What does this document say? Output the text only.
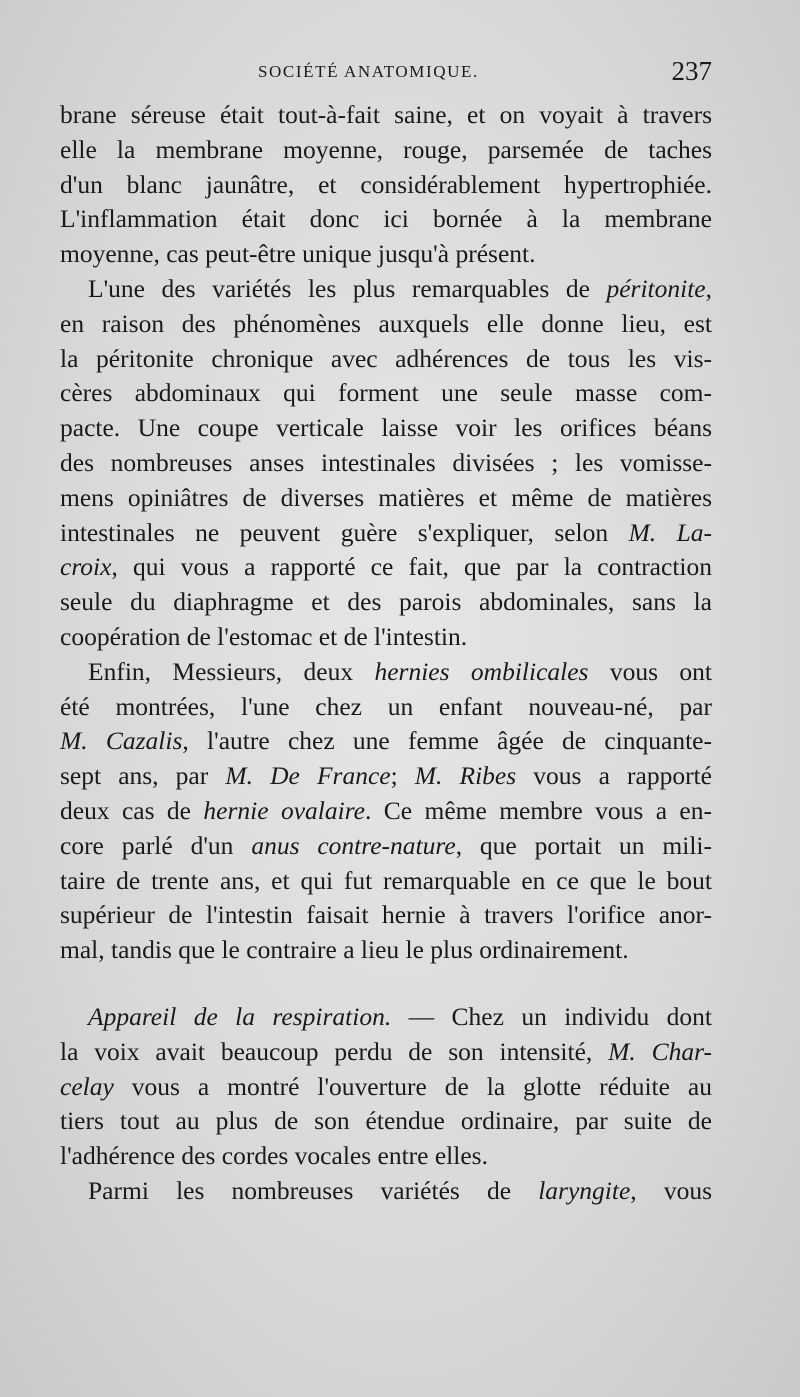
SOCIÉTÉ ANATOMIQUE.	237
brane séreuse était tout-à-fait saine, et on voyait à travers
elle la membrane moyenne, rouge, parsemée de taches
d'un blanc jaunâtre, et considérablement hypertrophiée.
L'inflammation était donc ici bornée à la membrane
moyenne, cas peut-être unique jusqu'à présent.
L'une des variétés les plus remarquables de péritonite,
en raison des phénomènes auxquels elle donne lieu, est
la péritonite chronique avec adhérences de tous les vis-
cères abdominaux qui forment une seule masse com-
pacte. Une coupe verticale laisse voir les orifices béans
des nombreuses anses intestinales divisées ; les vomisse-
mens opiniâtres de diverses matières et même de matières
intestinales ne peuvent guère s'expliquer, selon M. La-
croix, qui vous a rapporté ce fait, que par la contraction
seule du diaphragme et des parois abdominales, sans la
coopération de l'estomac et de l'intestin.
Enfin, Messieurs, deux hernies ombilicales vous ont
été montrées, l'une chez un enfant nouveau-né, par
M. Cazalis, l'autre chez une femme âgée de cinquante-
sept ans, par M. De France; M. Ribes vous a rapporté
deux cas de hernie ovalaire. Ce même membre vous a en-
core parlé d'un anus contre-nature, que portait un mili-
taire de trente ans, et qui fut remarquable en ce que le bout
supérieur de l'intestin faisait hernie à travers l'orifice anor-
mal, tandis que le contraire a lieu le plus ordinairement.
Appareil de la respiration. — Chez un individu dont
la voix avait beaucoup perdu de son intensité, M. Char-
celay vous a montré l'ouverture de la glotte réduite au
tiers tout au plus de son étendue ordinaire, par suite de
l'adhérence des cordes vocales entre elles.
Parmi les nombreuses variétés de laryngite, vous
